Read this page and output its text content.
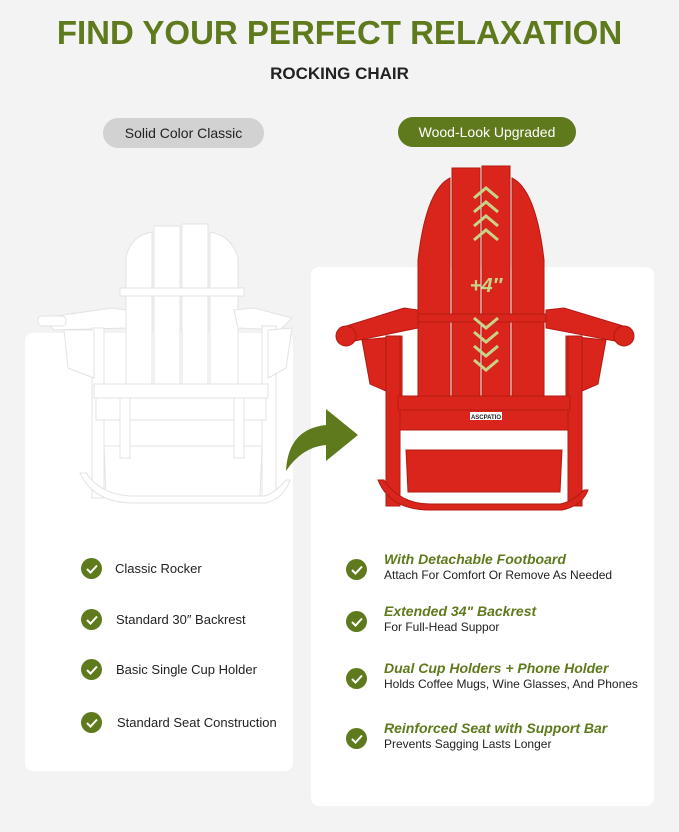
FIND YOUR PERFECT RELAXATION
ROCKING CHAIR
Solid Color Classic	Wood-Look Upgraded
ASCPATIO
+4″
Classic Rocker
Standard 30″ Backrest
Basic Single Cup Holder
Standard Seat Construction
With Detachable Footboard
Attach For Comfort Or Remove As Needed
Extended 34" Backrest
For Full-Head Suppor
Dual Cup Holders + Phone Holder
Holds Coffee Mugs, Wine Glasses, And Phones
Reinforced Seat with Support Bar
Prevents Sagging Lasts Longer
